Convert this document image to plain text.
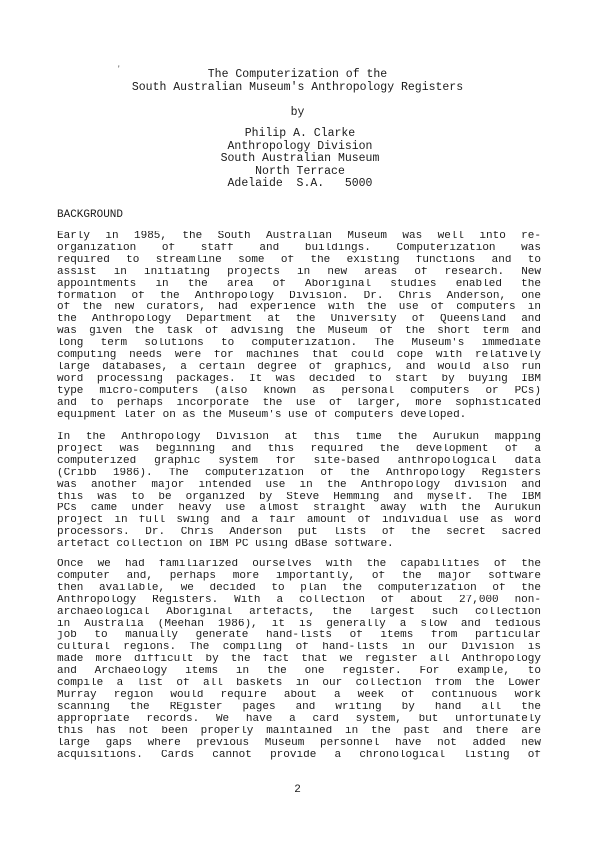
'	The Computerization of the
South Australian Museum's Anthropology Registers
by
Philip A. Clarke
Anthropology Division
South Australian Museum
North Terrace
Adelaide  S.A.   5000
BACKGROUND
Early in 1985, the South Australian Museum was well into re-
organization of staff and buildings. Computerization was
required to streamline some of the existing functions and to
assist in initiating projects in new areas of research. New
appointments in the area of Aboriginal studies enabled the
formation of the Anthropology Division. Dr. Chris Anderson, one
of the new curators, had experience with the use of computers in
the Anthropology Department at the University of Queensland and
was given the task of advising the Museum of the short term and
long term solutions to computerization. The Museum's immediate
computing needs were for machines that could cope with relatively
large databases, a certain degree of graphics, and would also run
word processing packages. It was decided to start by buying IBM
type micro-computers (also known as personal computers or PCs)
and to perhaps incorporate the use of larger, more sophisticated
equipment later on as the Museum's use of computers developed.
In the Anthropology Division at this time the Aurukun mapping
project was beginning and this required the development of a
computerized graphic system for site-based anthropological data
(Cribb 1986). The computerization of the Anthropology Registers
was another major intended use in the Anthropology division and
this was to be organized by Steve Hemming and myself. The IBM
PCs came under heavy use almost straight away with the Aurukun
project in full swing and a fair amount of individual use as word
processors. Dr. Chris Anderson put lists of the secret sacred
artefact collection on IBM PC using dBase software.
Once we had familiarized ourselves with the capabilities of the
computer and, perhaps more importantly, of the major software
then available, we decided to plan the computerization of the
Anthropology Registers. With a collection of about 27,000 non-
archaeological Aboriginal artefacts, the largest such collection
in Australia (Meehan 1986), it is generally a slow and tedious
job to manually generate hand-lists of items from particular
cultural regions. The compiling of hand-lists in our Division is
made more difficult by the fact that we register all Anthropology
and Archaeology items in the one register. For example, to
compile a list of all baskets in our collection from the Lower
Murray region would require about a week of continuous work
scanning the REgister pages and writing by hand all the
appropriate records. We have a card system, but unfortunately
this has not been properly maintained in the past and there are
large gaps where previous Museum personnel have not added new
acquisitions. Cards cannot provide a chronological listing of
2
